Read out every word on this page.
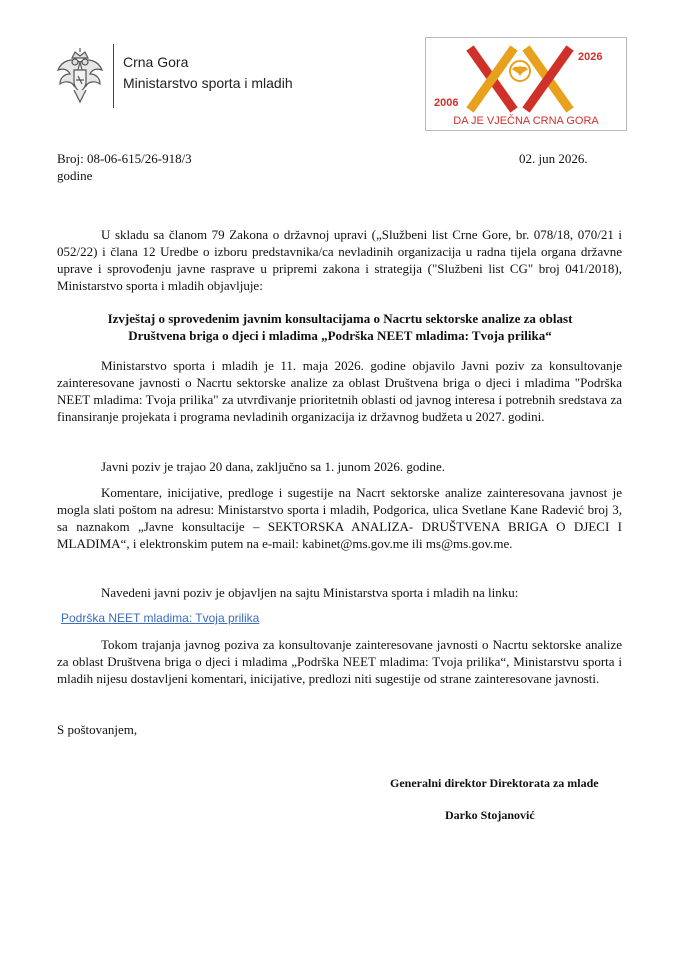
Crna Gora
Ministarstvo sporta i mladih
2006
2026
DA JE VJEČNA CRNA GORA
Broj: 08-06-615/26-918/3	02. jun 2026.
godine
U skladu sa članom 79 Zakona o državnoj upravi („Službeni list Crne Gore, br. 078/18, 070/21 i 052/22) i člana 12 Uredbe o izboru predstavnika/ca nevladinih organizacija u radna tijela organa državne uprave i sprovođenju javne rasprave u pripremi zakona i strategija ("Službeni list CG" broj 041/2018), Ministarstvo sporta i mladih objavljuje:
Izvještaj o sprovedenim javnim konsultacijama o Nacrtu sektorske analize za oblast
Društvena briga o djeci i mladima „Podrška NEET mladima: Tvoja prilika“
Ministarstvo sporta i mladih je 11. maja 2026. godine objavilo Javni poziv za konsultovanje zainteresovane javnosti o Nacrtu sektorske analize za oblast Društvena briga o djeci i mladima "Podrška NEET mladima: Tvoja prilika" za utvrđivanje prioritetnih oblasti od javnog interesa i potrebnih sredstava za finansiranje projekata i programa nevladinih organizacija iz državnog budžeta u 2027. godini.
Javni poziv je trajao 20 dana, zaključno sa 1. junom 2026. godine.
Komentare, inicijative, predloge i sugestije na Nacrt sektorske analize zainteresovana javnost je mogla slati poštom na adresu: Ministarstvo sporta i mladih, Podgorica, ulica Svetlane Kane Radević broj 3, sa naznakom „Javne konsultacije – SEKTORSKA ANALIZA- DRUŠTVENA BRIGA O DJECI I MLADIMA“, i elektronskim putem na e-mail: kabinet@ms.gov.me ili ms@ms.gov.me.
Navedeni javni poziv je objavljen na sajtu Ministarstva sporta i mladih na linku:
Podrška NEET mladima: Tvoja prilika
Tokom trajanja javnog poziva za konsultovanje zainteresovane javnosti o Nacrtu sektorske analize za oblast Društvena briga o djeci i mladima „Podrška NEET mladima: Tvoja prilika“, Ministarstvu sporta i mladih nijesu dostavljeni komentari, inicijative, predlozi niti sugestije od strane zainteresovane javnosti.
S poštovanjem,
Generalni direktor Direktorata za mlade
Darko Stojanović
